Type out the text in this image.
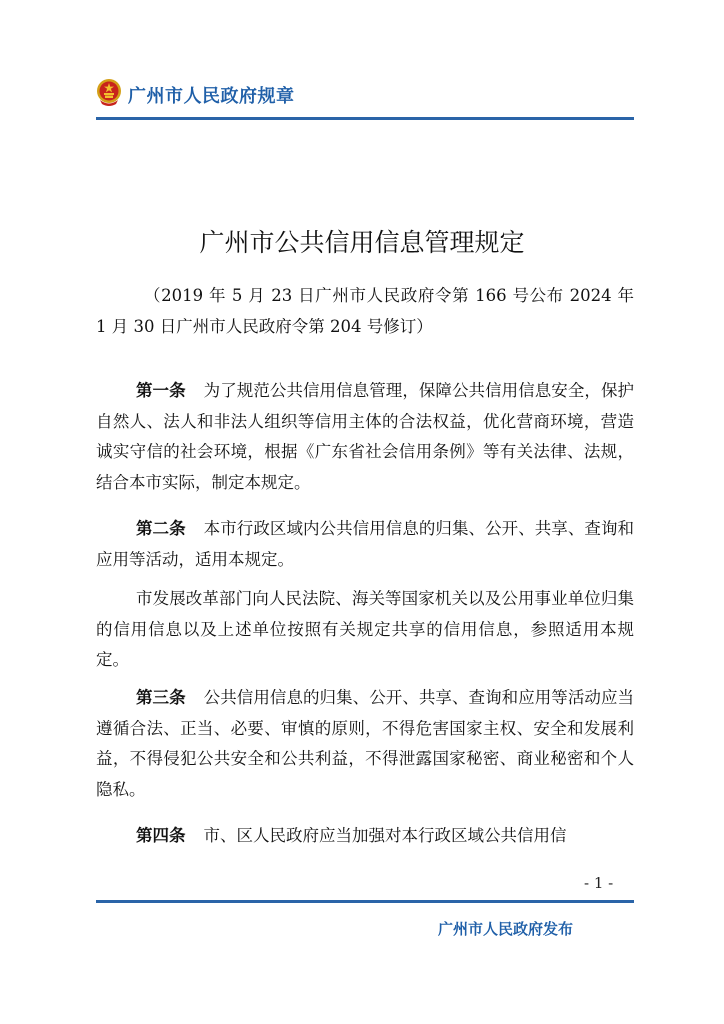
广州市人民政府规章
广州市公共信用信息管理规定
（2019 年 5 月 23 日广州市人民政府令第 166 号公布 2024 年 1 月 30 日广州市人民政府令第 204 号修订）

第一条 为了规范公共信用信息管理，保障公共信用信息安全，保护自然人、法人和非法人组织等信用主体的合法权益，优化营商环境，营造诚实守信的社会环境，根据《广东省社会信用条例》等有关法律、法规，结合本市实际，制定本规定。

第二条 本市行政区域内公共信用信息的归集、公开、共享、查询和应用等活动，适用本规定。

市发展改革部门向人民法院、海关等国家机关以及公用事业单位归集的信用信息以及上述单位按照有关规定共享的信用信息，参照适用本规定。

第三条 公共信用信息的归集、公开、共享、查询和应用等活动应当遵循合法、正当、必要、审慎的原则，不得危害国家主权、安全和发展利益，不得侵犯公共安全和公共利益，不得泄露国家秘密、商业秘密和个人隐私。

第四条 市、区人民政府应当加强对本行政区域公共信用信

- 1 -
广州市人民政府发布
